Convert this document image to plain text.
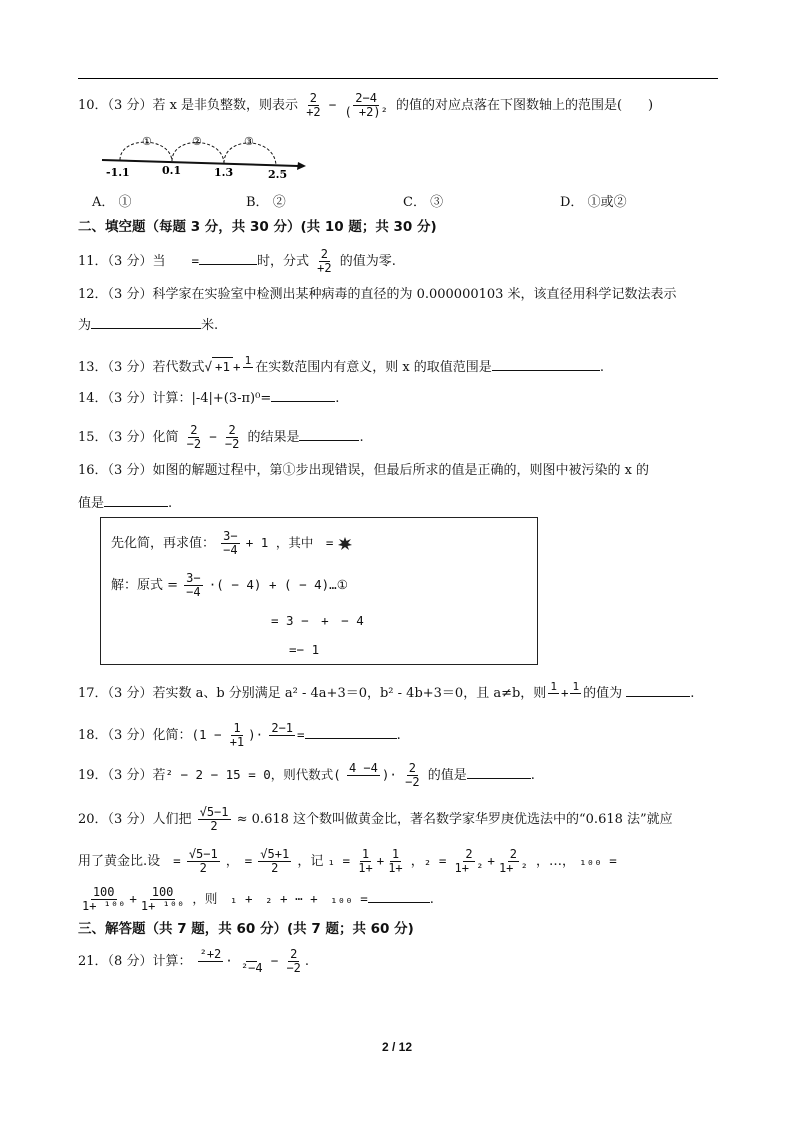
10．（3 分）若 x 是非负整数，则表示 $\frac{2}{+2} - \frac{2-4}{\text{( +2)²}}$ 的值的对应点落在下图数轴上的范围是(　　)
①	②	③
-1.1	0.1	1.3	2.5
A． ①	B． ②	C． ③	D． ①或②
二、填空题（每题 3 分，共 30 分）(共 10 题；共 30 分)
11．（3 分）当　　 =	时，分式 $\frac{2}{+2}$ 的值为零.
12．（3 分）科学家在实验室中检测出某种病毒的直径的为 0.000000103 米，该直径用科学记数法表示
为	米.
13．（3 分）若代数式√ +1 + 1
在实数范围内有意义，则 x 的取值范围是	.
14．（3 分）计算：|-4|+(3-π)⁰=	.
15．（3 分）化简 $\frac{2}{-2} - \frac{2}{-2}$ 的结果是	.
16．（3 分）如图的解题过程中，第①步出现错误，但最后所求的值是正确的，则图中被污染的 x 的
值是	.
先化简，再求值： $\frac{3-}{-4} + 1$ ，其中　=
解：原式 = $\frac{3-}{-4}$ ·( − 4) + ( − 4)…①
= 3 −　+　− 4
=− 1
17．（3 分）若实数 a、b 分别满足 a² - 4a+3＝0，b² - 4b+3＝0，且 a≠b，则 1
+ 1
的值为	.
18．（3 分）化简：($1 - \frac{1}{+1}$ )· 2−1
=	.
19．（3 分）若² − 2 − 15 = 0，则代数式( 4 −4
)· $\frac{2}{-2}$ 的值是	.
20．（3 分）人们把 $\frac{√5-1}{2} \approx 0.618$ 这个数叫做黄金比，著名数学家华罗庚优选法中的“0.618 法”就应
用了黄金比.设　 = $\frac{√5-1}{2}$ ，　= $\frac{√5+1}{2}$ ，记 $_1 = \frac{1}{1+} + \frac{1}{1+}$ ，$_2 = \frac{2}{\text{1+ ²}} + \frac{2}{\text{1+ ²}}$ ，…， ₁₀₀ =
$\frac{100}{\text{1+ ¹⁰⁰}} + \frac{100}{\text{1+ ¹⁰⁰}}$ ，则　₁ +　₂ + ⋯ +　₁₀₀ =	.
三、解答题（共 7 题，共 60 分）(共 7 题；共 60 分)
21．（8 分）计算： ²+2
·
$^2-4 - \frac{2}{-2}$ .
2 / 12
